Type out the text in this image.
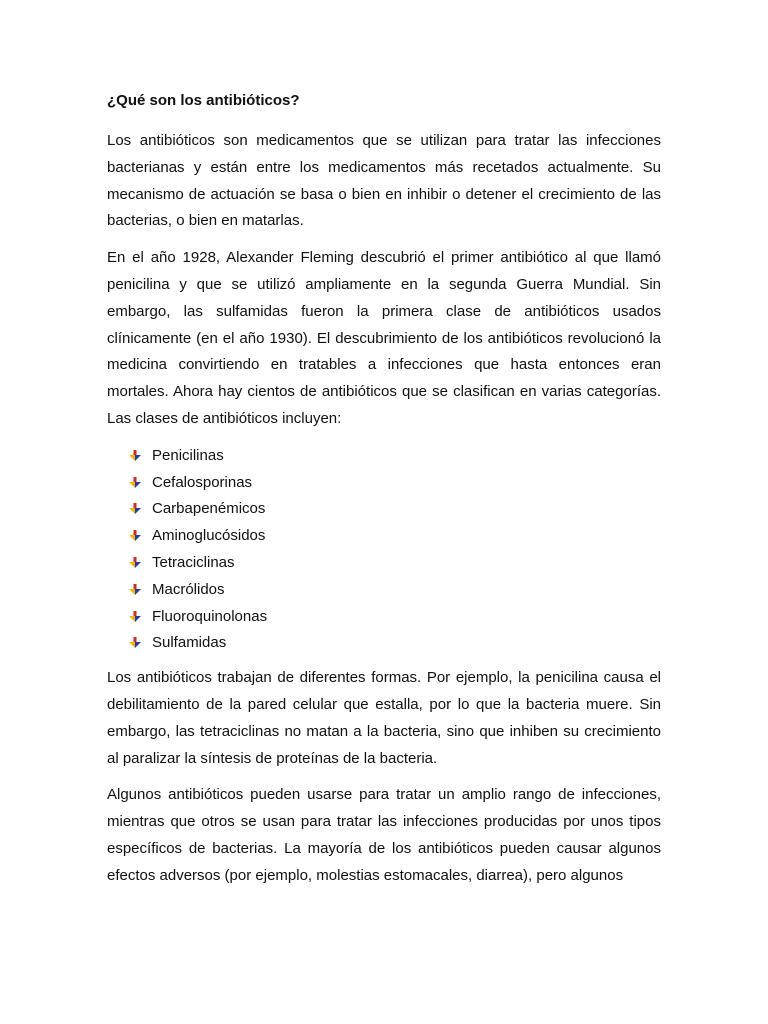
¿Qué son los antibióticos?

Los antibióticos son medicamentos que se utilizan para tratar las infecciones bacterianas y están entre los medicamentos más recetados actualmente. Su mecanismo de actuación se basa o bien en inhibir o detener el crecimiento de las bacterias, o bien en matarlas.

En el año 1928, Alexander Fleming descubrió el primer antibiótico al que llamó penicilina y que se utilizó ampliamente en la segunda Guerra Mundial. Sin embargo, las sulfamidas fueron la primera clase de antibióticos usados clínicamente (en el año 1930). El descubrimiento de los antibióticos revolucionó la medicina convirtiendo en tratables a infecciones que hasta entonces eran mortales. Ahora hay cientos de antibióticos que se clasifican en varias categorías. Las clases de antibióticos incluyen:

Penicilinas
Cefalosporinas
Carbapenémicos
Aminoglucósidos
Tetraciclinas
Macrólidos
Fluoroquinolonas
Sulfamidas

Los antibióticos trabajan de diferentes formas. Por ejemplo, la penicilina causa el debilitamiento de la pared celular que estalla, por lo que la bacteria muere. Sin embargo, las tetraciclinas no matan a la bacteria, sino que inhiben su crecimiento al paralizar la síntesis de proteínas de la bacteria.

Algunos antibióticos pueden usarse para tratar un amplio rango de infecciones, mientras que otros se usan para tratar las infecciones producidas por unos tipos específicos de bacterias. La mayoría de los antibióticos pueden causar algunos efectos adversos (por ejemplo, molestias estomacales, diarrea), pero algunos
